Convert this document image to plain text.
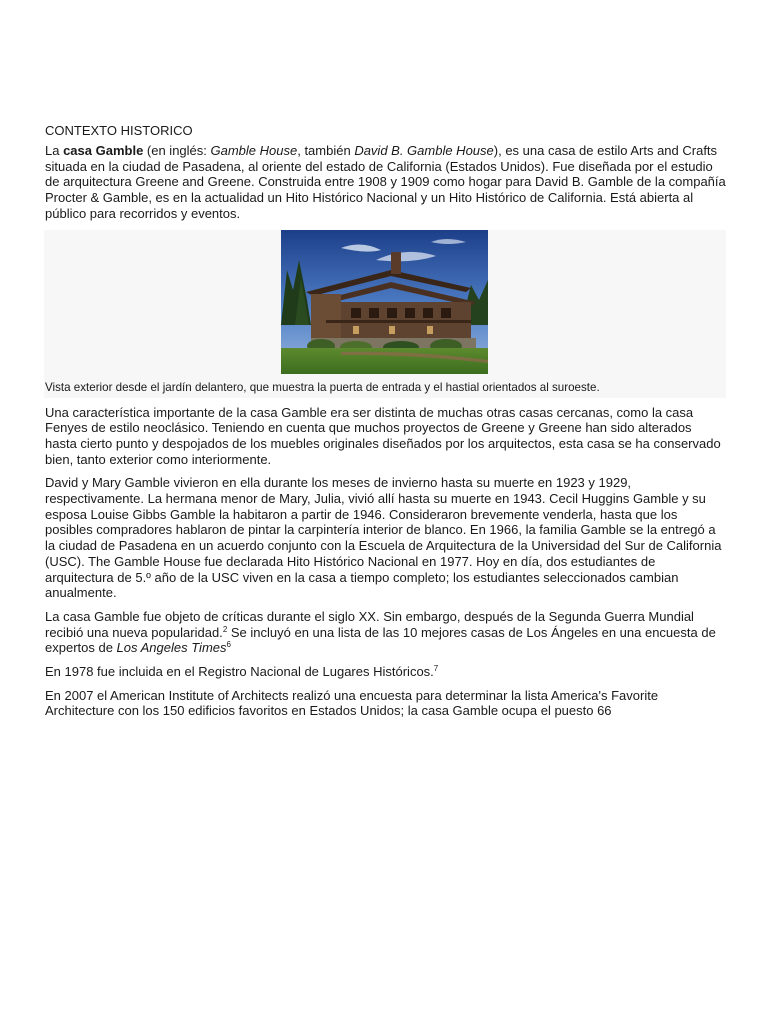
CONTEXTO HISTORICO

La casa Gamble (en inglés: Gamble House, también David B. Gamble House), es una casa de estilo Arts and Crafts situada en la ciudad de Pasadena, al oriente del estado de California (Estados Unidos). Fue diseñada por el estudio de arquitectura Greene and Greene. Construida entre 1908 y 1909 como hogar para David B. Gamble de la compañía Procter & Gamble, es en la actualidad un Hito Histórico Nacional y un Hito Histórico de California. Está abierta al público para recorridos y eventos.

Vista exterior desde el jardín delantero, que muestra la puerta de entrada y el hastial orientados al suroeste.

Una característica importante de la casa Gamble era ser distinta de muchas otras casas cercanas, como la casa Fenyes de estilo neoclásico. Teniendo en cuenta que muchos proyectos de Greene y Greene han sido alterados hasta cierto punto y despojados de los muebles originales diseñados por los arquitectos, esta casa se ha conservado bien, tanto exterior como interiormente.

David y Mary Gamble vivieron en ella durante los meses de invierno hasta su muerte en 1923 y 1929, respectivamente. La hermana menor de Mary, Julia, vivió allí hasta su muerte en 1943. Cecil Huggins Gamble y su esposa Louise Gibbs Gamble la habitaron a partir de 1946. Consideraron brevemente venderla, hasta que los posibles compradores hablaron de pintar la carpintería interior de blanco. En 1966, la familia Gamble se la entregó a la ciudad de Pasadena en un acuerdo conjunto con la Escuela de Arquitectura de la Universidad del Sur de California (USC). The Gamble House fue declarada Hito Histórico Nacional en 1977. Hoy en día, dos estudiantes de arquitectura de 5.º año de la USC viven en la casa a tiempo completo; los estudiantes seleccionados cambian anualmente.

La casa Gamble fue objeto de críticas durante el siglo XX. Sin embargo, después de la Segunda Guerra Mundial recibió una nueva popularidad.$^2$ Se incluyó en una lista de las 10 mejores casas de Los Ángeles en una encuesta de expertos de Los Angeles Times$^6$

En 1978 fue incluida en el Registro Nacional de Lugares Históricos.$^7$

En 2007 el American Institute of Architects realizó una encuesta para determinar la lista America's Favorite Architecture con los 150 edificios favoritos en Estados Unidos; la casa Gamble ocupa el puesto 66
